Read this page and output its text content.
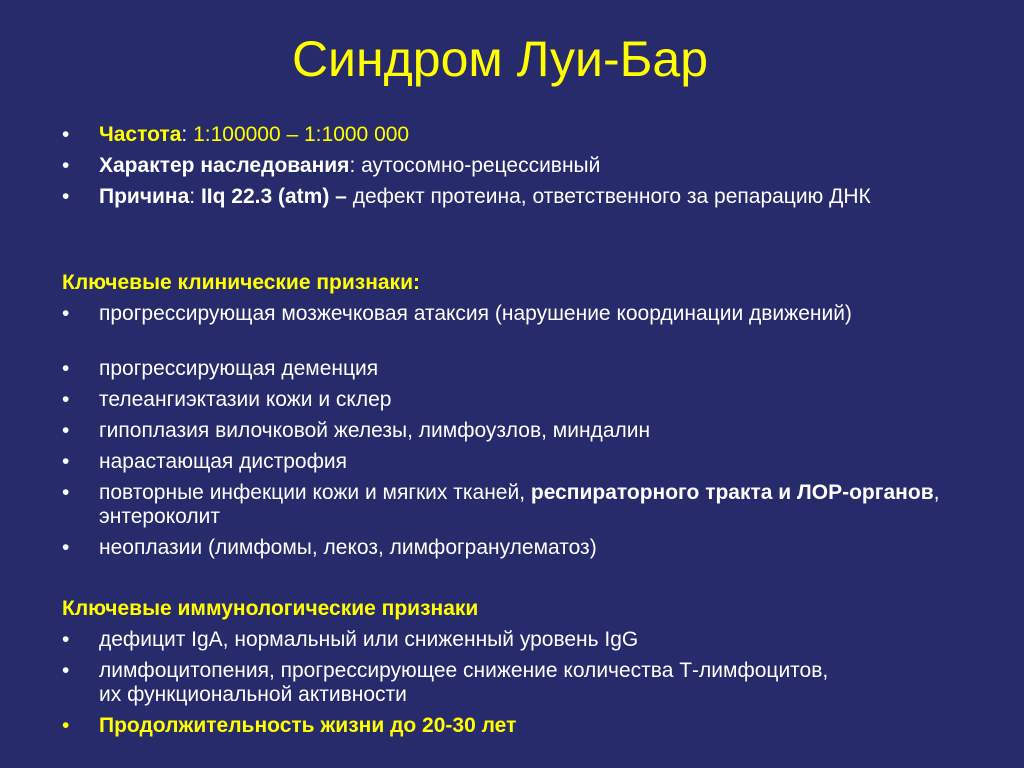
Синдром Луи-Бар
• Частота: 1:100000 – 1:1000 000
• Характер наследования: аутосомно-рецессивный
• Причина: IIq 22.3 (atm) – дефект протеина, ответственного за репарацию ДНК
Ключевые клинические признаки:
• прогрессирующая мозжечковая атаксия (нарушение координации движений)
• прогрессирующая деменция
• телеангиэктазии кожи и склер
• гипоплазия вилочковой железы, лимфоузлов, миндалин
• нарастающая дистрофия
• повторные инфекции кожи и мягких тканей, респираторного тракта и ЛОР-органов, энтероколит
• неоплазии (лимфомы, лекоз, лимфогранулематоз)
Ключевые иммунологические признаки
• дефицит IgA, нормальный или сниженный уровень IgG
• лимфоцитопения, прогрессирующее снижение количества Т-лимфоцитов, их функциональной активности
• Продолжительность жизни до 20-30 лет
